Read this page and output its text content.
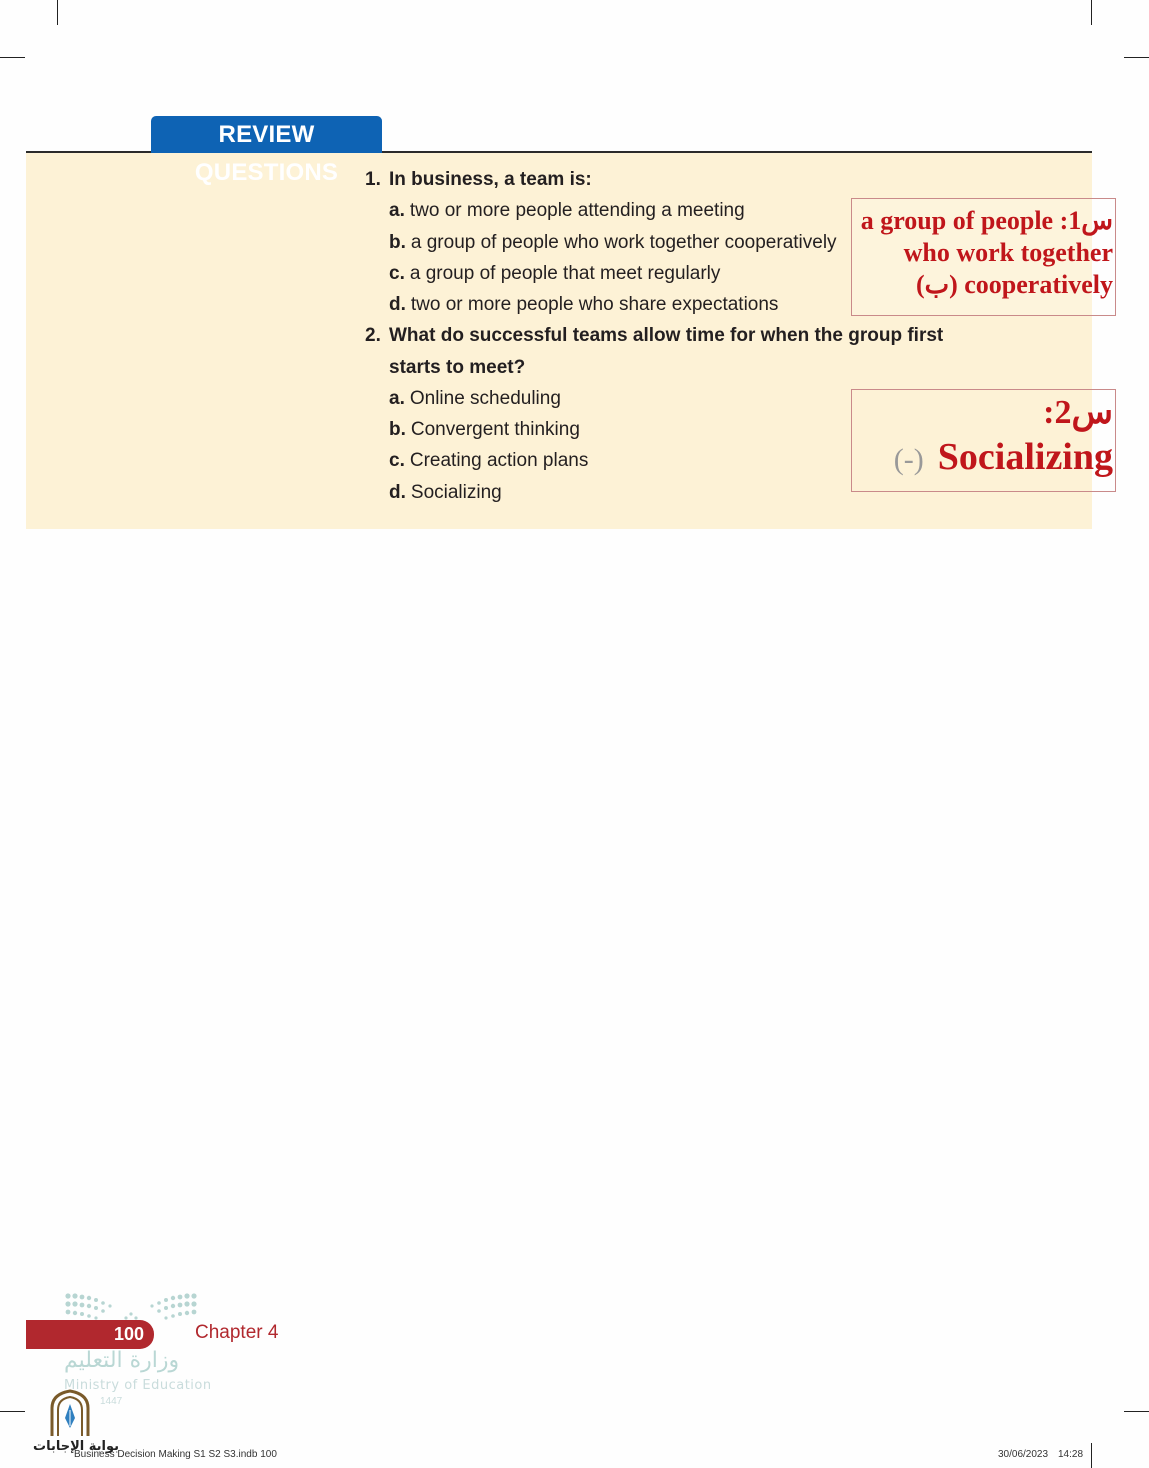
REVIEW QUESTIONS	1. In business, a team is:
a. two or more people attending a meeting
b. a group of people who work together cooperatively
c. a group of people that meet regularly
d. two or more people who share expectations
2. What do successful teams allow time for when the group first
starts to meet?
a. Online scheduling
b. Convergent thinking
c. Creating action plans
d. Socializing
a group of people :س1
who work together
(ب) cooperatively
:س2
(-) Socializing
100	Chapter 4
وزارة التعليم
Ministry of Education
1447
بوابة الإجابات
Business Decision Making S1 S2 S3.indb 100	30/06/2023 14:28
